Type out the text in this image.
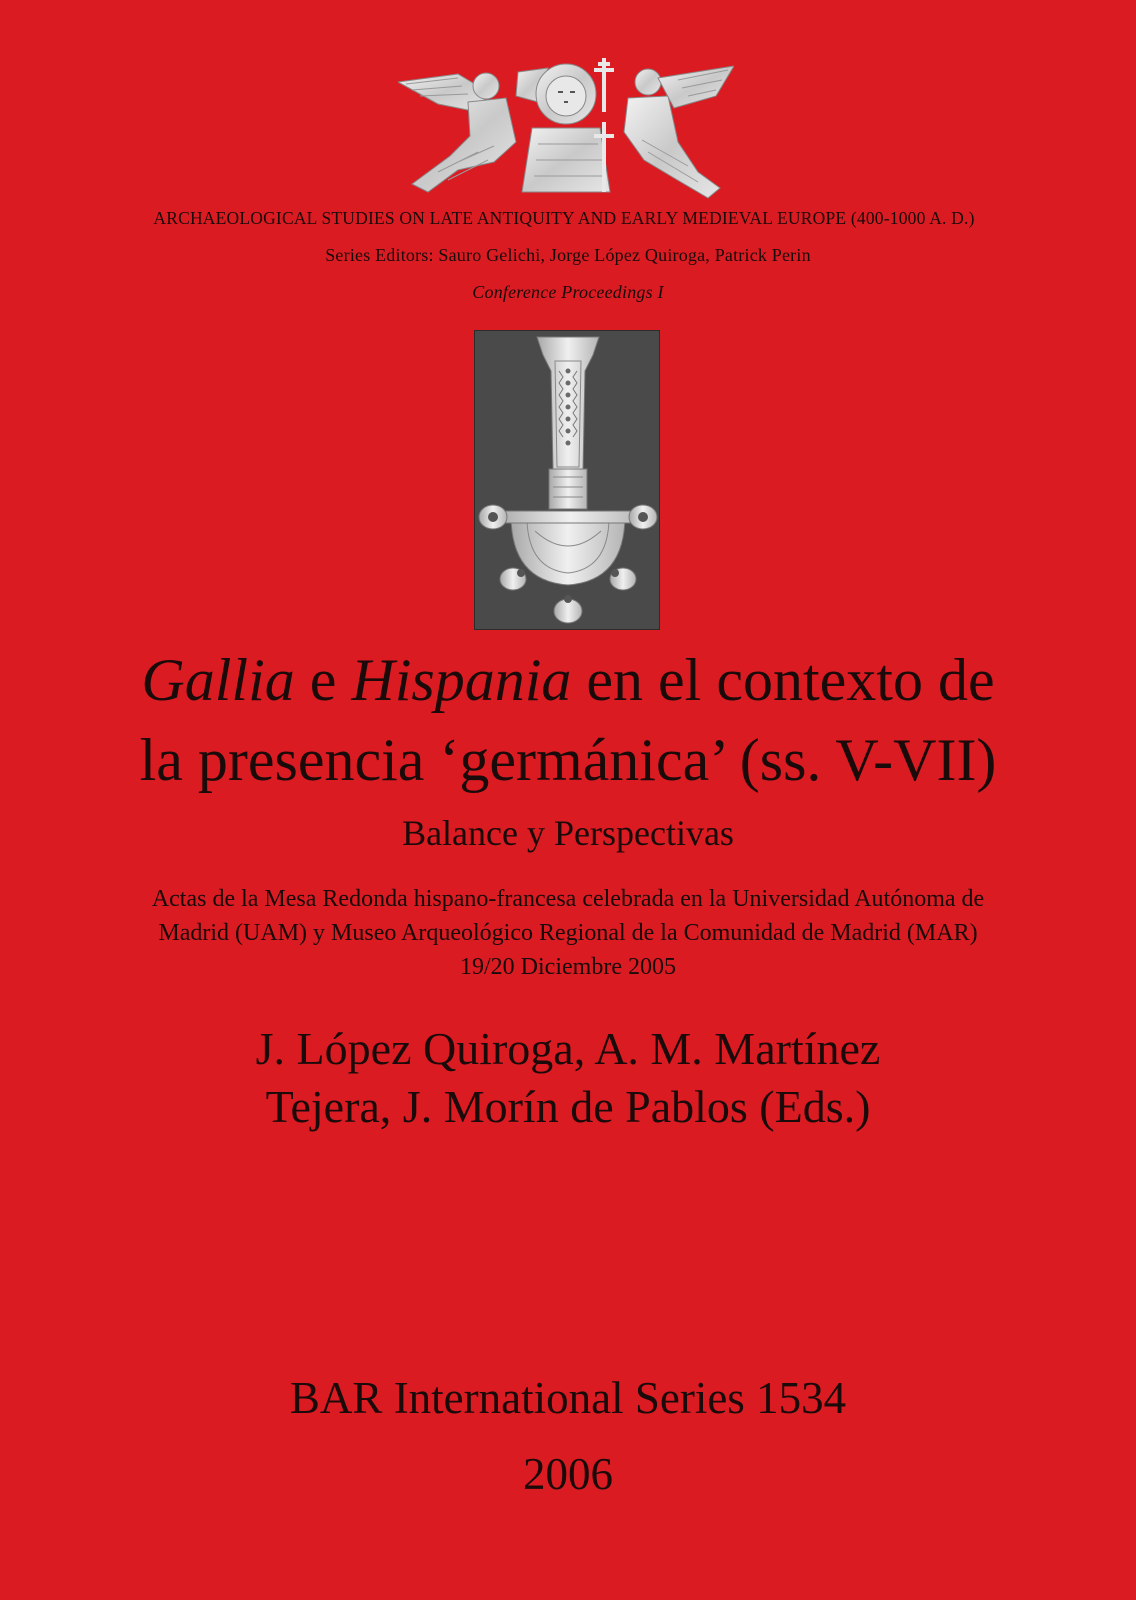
ARCHAEOLOGICAL STUDIES ON LATE ANTIQUITY AND EARLY MEDIEVAL EUROPE (400-1000 A. D.)
Series Editors: Sauro Gelichi, Jorge López Quiroga, Patrick Perin
Conference Proceedings I
Gallia e Hispania en el contexto de
la presencia ‘germánica’ (ss. V-VII)
Balance y Perspectivas
Actas de la Mesa Redonda hispano-francesa celebrada en la Universidad Autónoma de
Madrid (UAM) y Museo Arqueológico Regional de la Comunidad de Madrid (MAR)
19/20 Diciembre 2005
J. López Quiroga, A. M. Martínez
Tejera, J. Morín de Pablos (Eds.)
BAR International Series 1534
2006
